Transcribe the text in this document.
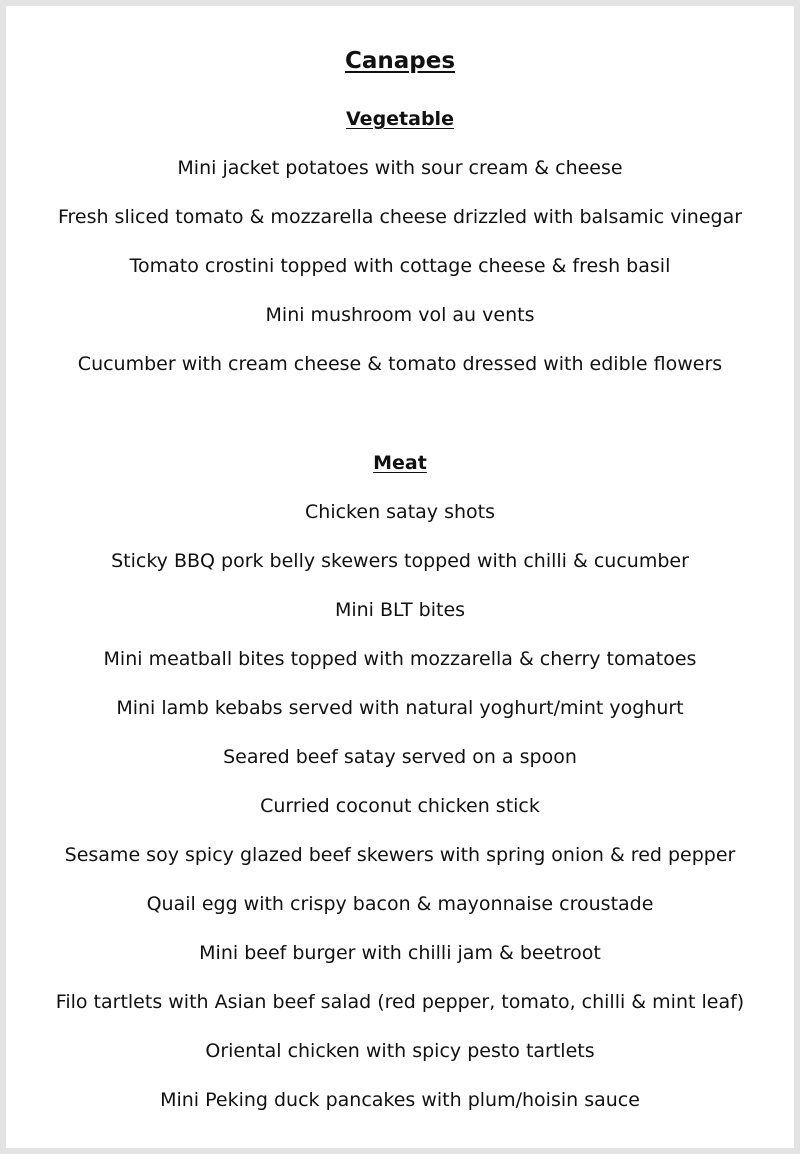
Canapes
Vegetable
Mini jacket potatoes with sour cream & cheese
Fresh sliced tomato & mozzarella cheese drizzled with balsamic vinegar
Tomato crostini topped with cottage cheese & fresh basil
Mini mushroom vol au vents
Cucumber with cream cheese & tomato dressed with edible flowers
Meat
Chicken satay shots
Sticky BBQ pork belly skewers topped with chilli & cucumber
Mini BLT bites
Mini meatball bites topped with mozzarella & cherry tomatoes
Mini lamb kebabs served with natural yoghurt/mint yoghurt
Seared beef satay served on a spoon
Curried coconut chicken stick
Sesame soy spicy glazed beef skewers with spring onion & red pepper
Quail egg with crispy bacon & mayonnaise croustade
Mini beef burger with chilli jam & beetroot
Filo tartlets with Asian beef salad (red pepper, tomato, chilli & mint leaf)
Oriental chicken with spicy pesto tartlets
Mini Peking duck pancakes with plum/hoisin sauce
